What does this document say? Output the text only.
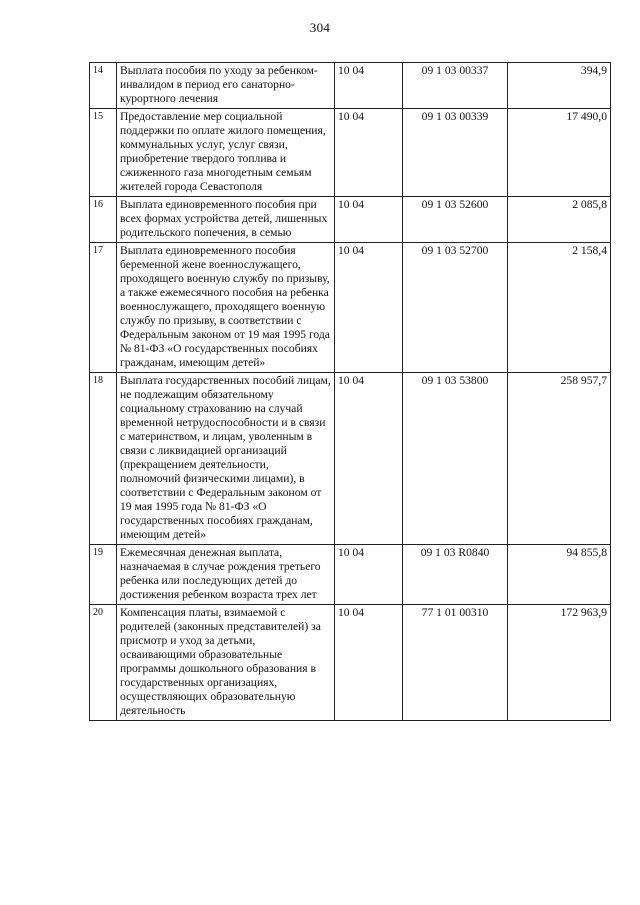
304
14	Выплата пособия по уходу за ребенком-инвалидом в период его санаторно-курортного лечения	10 04	09 1 03 00337	394,9
15	Предоставление мер социальной поддержки по оплате жилого помещения, коммунальных услуг, услуг связи, приобретение твердого топлива и сжиженного газа многодетным семьям жителей города Севастополя	10 04	09 1 03 00339	17 490,0
16	Выплата единовременного пособия при всех формах устройства детей, лишенных родительского попечения, в семью	10 04	09 1 03 52600	2 085,8
17	Выплата единовременного пособия беременной жене военнослужащего, проходящего военную службу по призыву, а также ежемесячного пособия на ребенка военнослужащего, проходящего военную службу по призыву, в соответствии с Федеральным законом от 19 мая 1995 года № 81-ФЗ «О государственных пособиях гражданам, имеющим детей»	10 04	09 1 03 52700	2 158,4
18	Выплата государственных пособий лицам, не подлежащим обязательному социальному страхованию на случай временной нетрудоспособности и в связи с материнством, и лицам, уволенным в связи с ликвидацией организаций (прекращением деятельности, полномочий физическими лицами), в соответствии с Федеральным законом от 19 мая 1995 года № 81-ФЗ «О государственных пособиях гражданам, имеющим детей»	10 04	09 1 03 53800	258 957,7
19	Ежемесячная денежная выплата, назначаемая в случае рождения третьего ребенка или последующих детей до достижения ребенком возраста трех лет	10 04	09 1 03 R0840	94 855,8
20	Компенсация платы, взимаемой с родителей (законных представителей) за присмотр и уход за детьми, осваивающими образовательные программы дошкольного образования в государственных организациях, осуществляющих образовательную деятельность	10 04	77 1 01 00310	172 963,9
